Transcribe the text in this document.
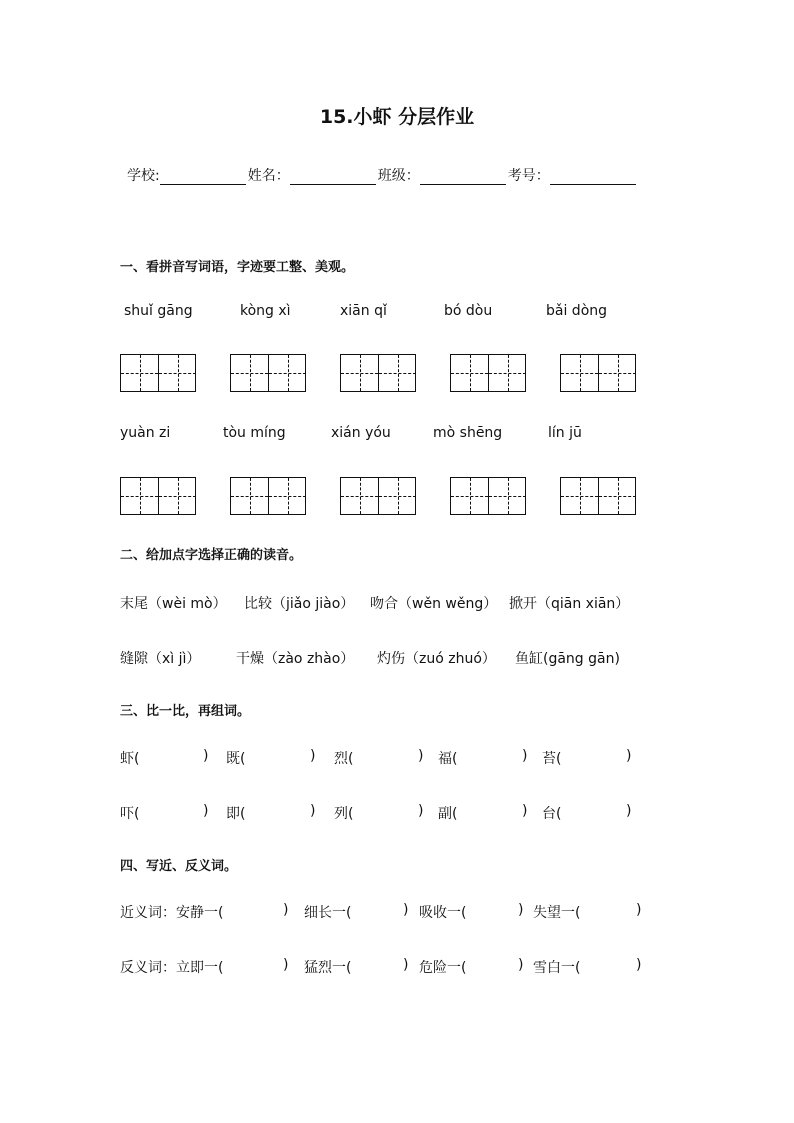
15.小虾 分层作业
学校:	姓名：	班级：	考号：
一、看拼音写词语，字迹要工整、美观。
shuǐ gāng	kòng xì	xiān qǐ	bó dòu	bǎi dòng
yuàn zi	tòu míng	xián yóu	mò shēng	lín jū
二、给加点字选择正确的读音。
末尾（wèi mò） 比较（jiǎo jiào） 吻合（wěn wěng） 掀开（qiān xiān）
缝隙（xì jì）	干燥（zào zhào） 灼伤（zuó zhuó） 鱼缸(gāng gān)
三、比一比，再组词。
虾(	) 既(	) 烈(	) 福(	) 苔(	)
吓(	) 即(	) 列(	) 副(	) 台(	)
四、写近、反义词。
近义词：安静一(	) 细长一(	) 吸收一(	) 失望一(	)
反义词：立即一(	) 猛烈一(	) 危险一(	) 雪白一(	)
